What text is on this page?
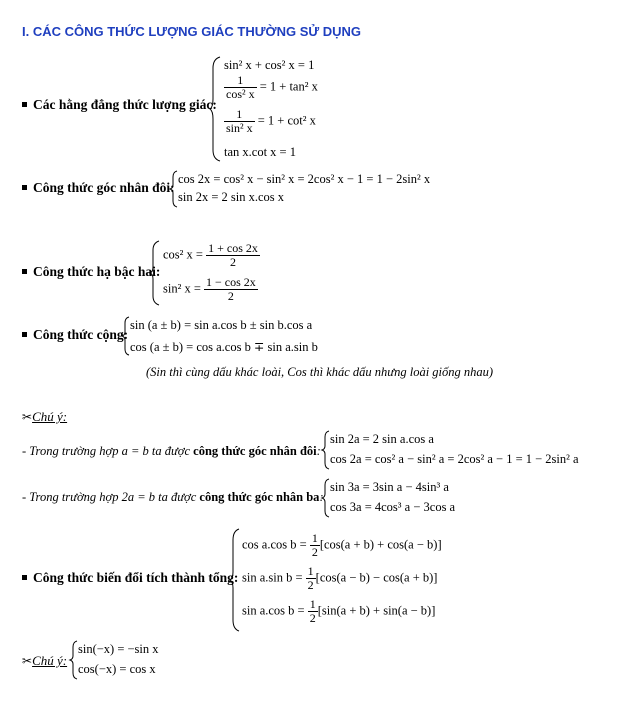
I. CÁC CÔNG THỨC LƯỢNG GIÁC THƯỜNG SỬ DỤNG
Các hằng đẳng thức lượng giác:
sin² x + cos² x = 1
$\frac{1}{\text{cos² x}} = 1 + \tan^2$ x
$\frac{1}{\text{sin² x}} = 1 + \cot^2$ x
tan x.cot x = 1
Công thức góc nhân đôi:
cos 2x = cos² x − sin² x = 2cos² x − 1 = 1 − 2sin² x
sin 2x = 2 sin x.cos x
Công thức hạ bậc hai:
cos² $x = \frac{1 + \cos 2x}{2}$
sin² $x = \frac{1 - \cos 2x}{2}$
Công thức cộng:
sin (a ± b) = sin a.cos b ± sin b.cos a
cos (a ± b) = cos a.cos b ∓ sin a.sin b
(Sin thì cùng dấu khác loài, Cos thì khác dấu nhưng loài giống nhau)
✂Chú ý:
- Trong trường hợp a = b ta được công thức góc nhân đôi:
sin 2a = 2 sin a.cos a
cos 2a = cos² a − sin² a = 2cos² a − 1 = 1 − 2sin² a
- Trong trường hợp 2a = b ta được công thức góc nhân ba:
sin 3a = 3sin a − 4sin³ a
cos 3a = 4cos³ a − 3cos a
Công thức biến đổi tích thành tổng:
cos a.cos $b = \frac{1}{2} [\cos(a + b) + \cos(a - b)]$
sin a.sin $b = \frac{1}{2} [\cos(a - b) - \cos(a + b)]$
sin a.cos $b = \frac{1}{2} [\sin(a + b) + \sin(a - b)]$
✂Chú ý:
sin(−x) = −sin x
cos(−x) = cos x
